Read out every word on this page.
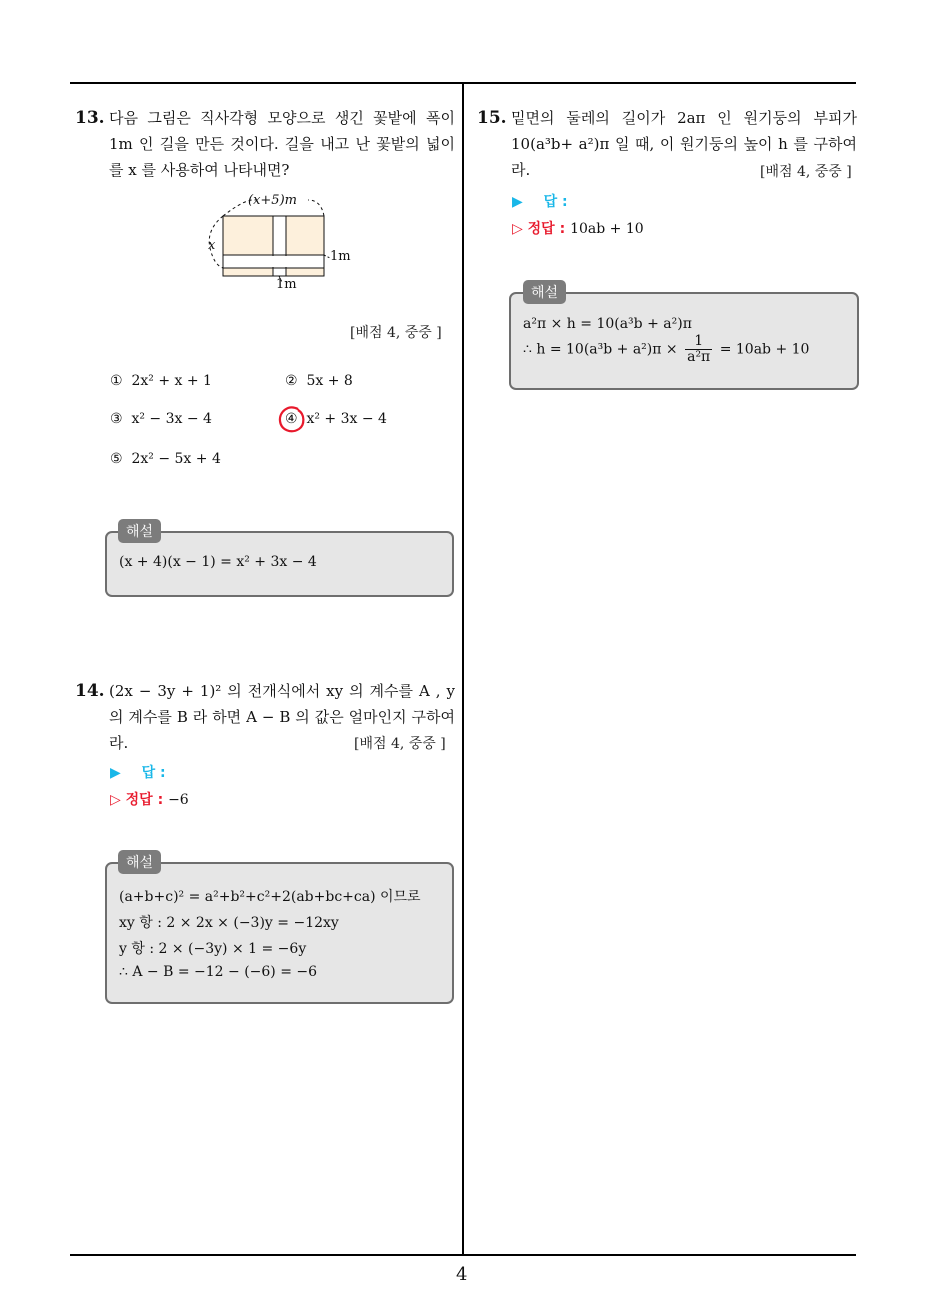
13. 다음 그림은 직사각형 모양으로 생긴 꽃밭에 폭이 1m 인 길을 만든 것이다. 길을 내고 난 꽃밭의 넓이를 x 를 사용하여 나타내면?
(x+5)m
x
1m
1m
[배점 4, 중중 ]
① 2x² + x + 1	② 5x + 8
③ x² − 3x − 4	④ x² + 3x − 4
⑤ 2x² − 5x + 4
(x + 4)(x − 1) = x² + 3x − 4
해설
14. (2x − 3y + 1)² 의 전개식에서 xy 의 계수를 A , y 의 계수를 B 라 하면 A − B 의 값은 얼마인지 구하여라.	[배점 4, 중중 ]
▶ 답 :
▷ 정답 : −6
(a+b+c)² = a²+b²+c²+2(ab+bc+ca) 이므로
xy 항 : 2 × 2x × (−3)y = −12xy
y 항 : 2 × (−3y) × 1 = −6y
∴ A − B = −12 − (−6) = −6
해설
15. 밑면의 둘레의 길이가 2aπ 인 원기둥의 부피가 10(a³b+ a²)π 일 때, 이 원기둥의 높이 h 를 구하여라.	[배점 4, 중중 ]
▶ 답 :
▷ 정답 : 10ab + 10
a²π × h = 10(a³b + a²)π
∴ $h = 10(a^3b + a^2)\pi \times \frac{1}{\text{a²π}} = 10ab + 10$
해설
4
